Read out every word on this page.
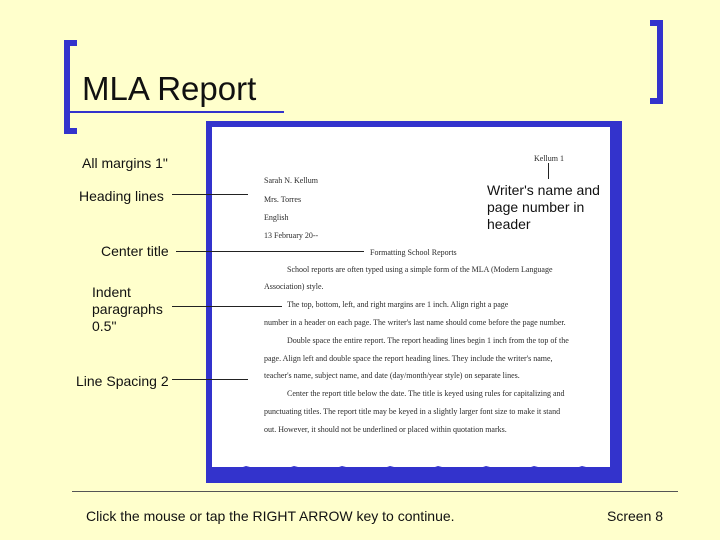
MLA Report
Kellum 1
Sarah N. Kellum
Mrs. Torres
English
13 February 20--
Formatting School Reports
School reports are often typed using a simple form of the MLA (Modern Language
Association) style.
The top, bottom, left, and right margins are 1 inch. Align right a page
number in a header on each page. The writer's last name should come before the page number.
Double space the entire report. The report heading lines begin 1 inch from the top of the
page. Align left and double space the report heading lines. They include the writer's name,
teacher's name, subject name, and date (day/month/year style) on separate lines.
Center the report title below the date. The title is keyed using rules for capitalizing and
punctuating titles. The report title may be keyed in a slightly larger font size to make it stand
out. However, it should not be underlined or placed within quotation marks.
All margins 1"
Heading lines	Writer's name and page number in header
Center title
Indent paragraphs 0.5"
Line Spacing 2
Click the mouse or tap the RIGHT ARROW key to continue.	Screen 8
